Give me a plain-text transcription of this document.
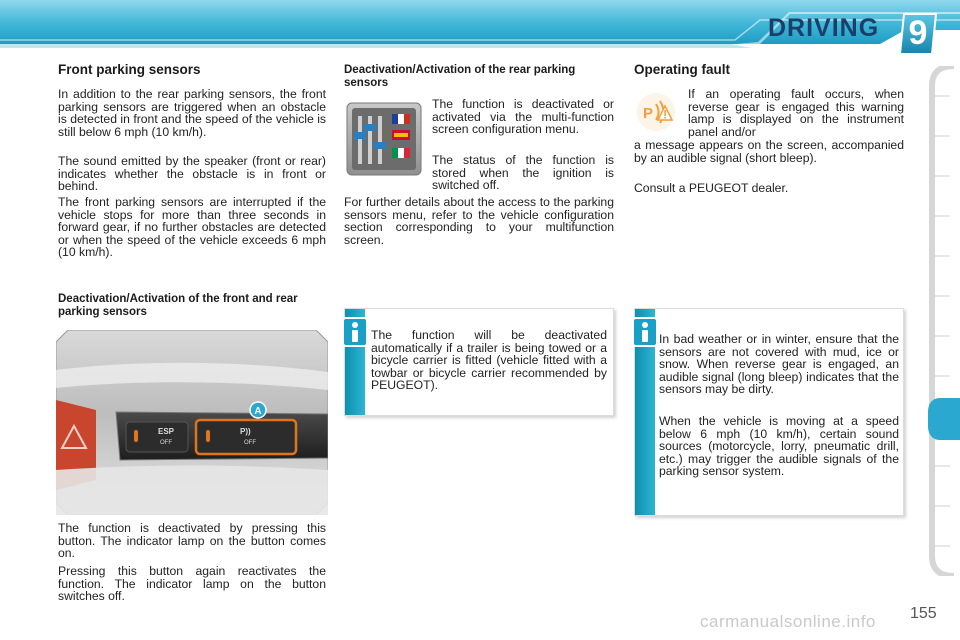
DRIVING 9
Front parking sensors
In addition to the rear parking sensors, the front parking sensors are triggered when an obstacle is detected in front and the speed of the vehicle is still below 6 mph (10 km/h).
The sound emitted by the speaker (front or rear) indicates whether the obstacle is in front or behind.
The front parking sensors are interrupted if the vehicle stops for more than three seconds in forward gear, if no further obstacles are detected or when the speed of the vehicle exceeds 6 mph (10 km/h).
Deactivation/Activation of the front and rear parking sensors
ESP
OFF
P))
OFF
A
The function is deactivated by pressing this button. The indicator lamp on the button comes on.
Pressing this button again reactivates the function. The indicator lamp on the button switches off.
Deactivation/Activation of the rear parking sensors
The function is deactivated or activated via the multi-function screen configuration menu.
The status of the function is stored when the ignition is switched off.
For further details about the access to the parking sensors menu, refer to the vehicle configuration section corresponding to your multifunction screen.
The function will be deactivated automatically if a trailer is being towed or a bicycle carrier is fitted (vehicle fitted with a towbar or bicycle carrier recommended by PEUGEOT).
Operating fault
P
If an operating fault occurs, when reverse gear is engaged this warning lamp is displayed on the instrument panel and/or
a message appears on the screen, accompanied by an audible signal (short bleep).
Consult a PEUGEOT dealer.
In bad weather or in winter, ensure that the sensors are not covered with mud, ice or snow. When reverse gear is engaged, an audible signal (long bleep) indicates that the sensors may be dirty.
When the vehicle is moving at a speed below 6 mph (10 km/h), certain sound sources (motorcycle, lorry, pneumatic drill, etc.) may trigger the audible signals of the parking sensor system.
carmanualsonline.info 155
